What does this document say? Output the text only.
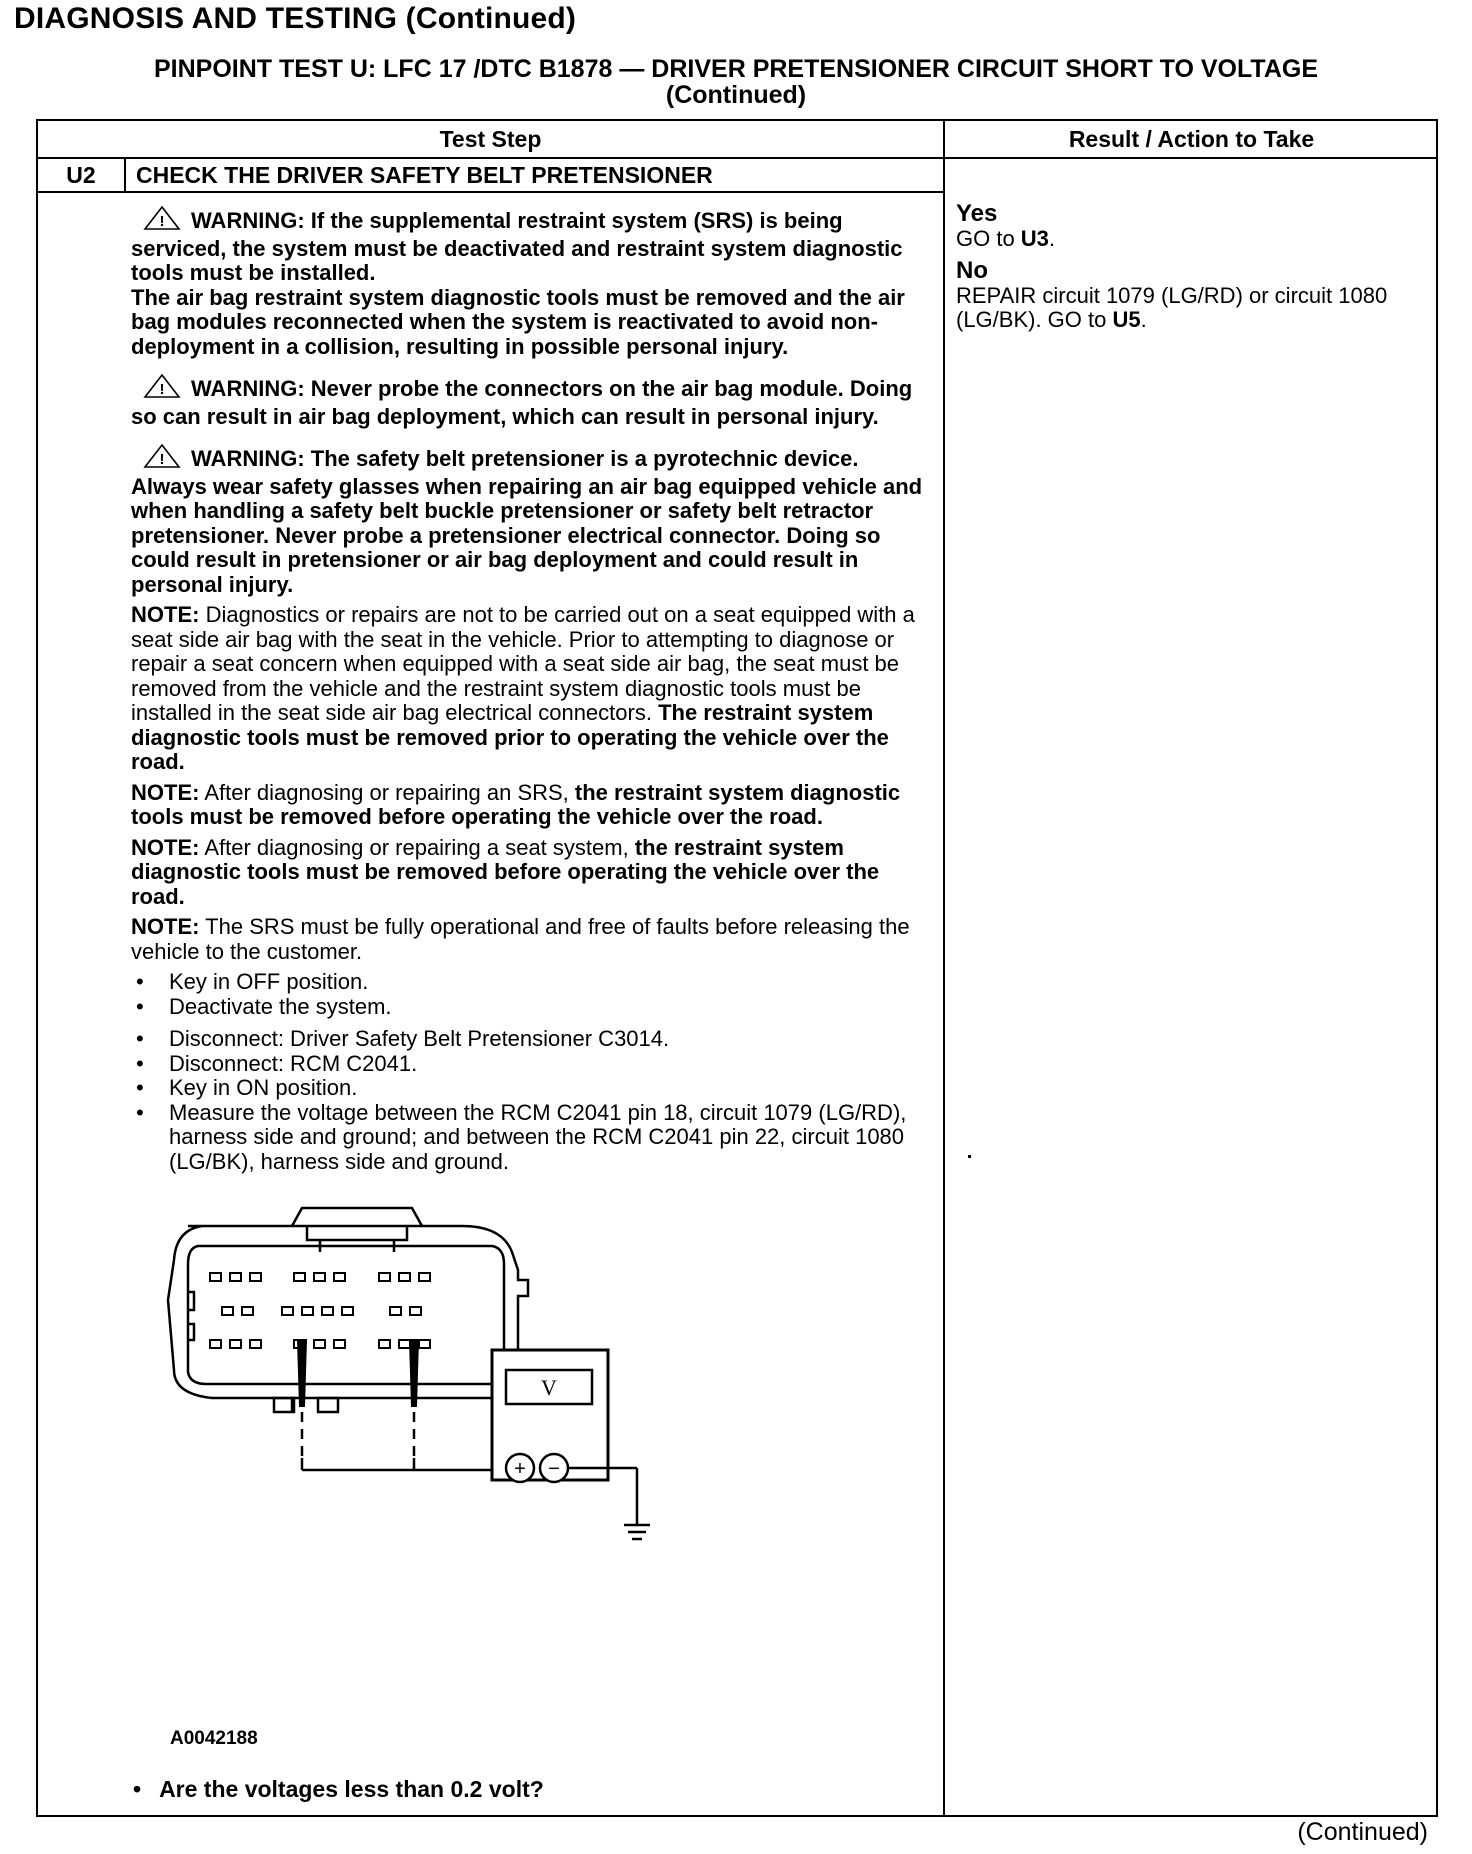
DIAGNOSIS AND TESTING (Continued)
PINPOINT TEST U: LFC 17 /DTC B1878 — DRIVER PRETENSIONER CIRCUIT SHORT TO VOLTAGE
(Continued)
Test Step	Result / Action to Take
U2	CHECK THE DRIVER SAFETY BELT PRETENSIONER
! WARNING: If the supplemental restraint system (SRS) is being serviced, the system must be deactivated and restraint system diagnostic tools must be installed.
The air bag restraint system diagnostic tools must be removed and the air bag modules reconnected when the system is reactivated to avoid non-deployment in a collision, resulting in possible personal injury.
! WARNING: Never probe the connectors on the air bag module. Doing so can result in air bag deployment, which can result in personal injury.
! WARNING: The safety belt pretensioner is a pyrotechnic device. Always wear safety glasses when repairing an air bag equipped vehicle and when handling a safety belt buckle pretensioner or safety belt retractor pretensioner. Never probe a pretensioner electrical connector. Doing so could result in pretensioner or air bag deployment and could result in personal injury.
NOTE: Diagnostics or repairs are not to be carried out on a seat equipped with a seat side air bag with the seat in the vehicle. Prior to attempting to diagnose or repair a seat concern when equipped with a seat side air bag, the seat must be removed from the vehicle and the restraint system diagnostic tools must be installed in the seat side air bag electrical connectors. The restraint system diagnostic tools must be removed prior to operating the vehicle over the road.
NOTE: After diagnosing or repairing an SRS, the restraint system diagnostic tools must be removed before operating the vehicle over the road.
NOTE: After diagnosing or repairing a seat system, the restraint system diagnostic tools must be removed before operating the vehicle over the road.
NOTE: The SRS must be fully operational and free of faults before releasing the vehicle to the customer.
• Key in OFF position.
• Deactivate the system.
• Disconnect: Driver Safety Belt Pretensioner C3014.
• Disconnect: RCM C2041.
• Key in ON position.
• Measure the voltage between the RCM C2041 pin 18, circuit 1079 (LG/RD), harness side and ground; and between the RCM C2041 pin 22, circuit 1080 (LG/BK), harness side and ground.
Yes
GO to U3.
No
REPAIR circuit 1079 (LG/RD) or circuit 1080 (LG/BK). GO to U5.
V
+ −
A0042188
• Are the voltages less than 0.2 volt?
(Continued)
